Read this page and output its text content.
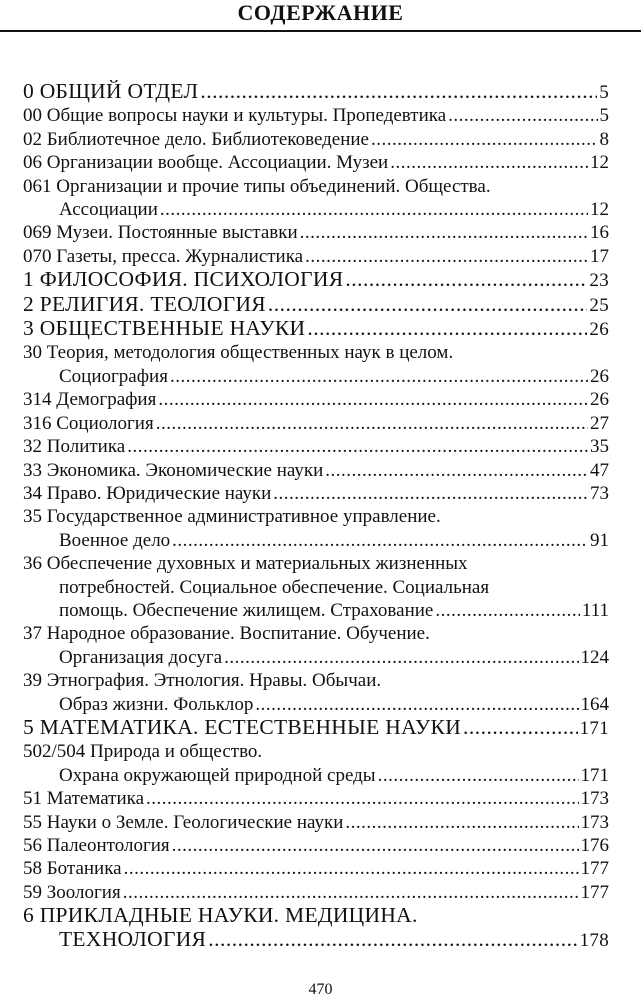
СОДЕРЖАНИЕ
0 ОБЩИЙ ОТДЕЛ .....	5
00 Общие вопросы науки и культуры. Пропедевтика .....	5
02 Библиотечное дело. Библиотековедение .....	8
06 Организации вообще. Ассоциации. Музеи .....	12
061 Организации и прочие типы объединений. Общества.
Ассоциации .....	12
069 Музеи. Постоянные выставки .....	16
070 Газеты, пресса. Журналистика .....	17
1 ФИЛОСОФИЯ. ПСИХОЛОГИЯ .....	23
2 РЕЛИГИЯ. ТЕОЛОГИЯ .....	25
3 ОБЩЕСТВЕННЫЕ НАУКИ .....	26
30 Теория, методология общественных наук в целом.
Социография .....	26
314 Демография .....	26
316 Социология .....	27
32 Политика .....	35
33 Экономика. Экономические науки .....	47
34 Право. Юридические науки .....	73
35 Государственное административное управление.
Военное дело .....	91
36 Обеспечение духовных и материальных жизненных
потребностей. Социальное обеспечение. Социальная
помощь. Обеспечение жилищем. Страхование .....	111
37 Народное образование. Воспитание. Обучение.
Организация досуга .....	124
39 Этнография. Этнология. Нравы. Обычаи.
Образ жизни. Фольклор .....	164
5 МАТЕМАТИКА. ЕСТЕСТВЕННЫЕ НАУКИ .....	171
502/504 Природа и общество.
Охрана окружающей природной среды .....	171
51 Математика .....	173
55 Науки о Земле. Геологические науки .....	173
56 Палеонтология .....	176
58 Ботаника .....	177
59 Зоология .....	177
6 ПРИКЛАДНЫЕ НАУКИ. МЕДИЦИНА.
ТЕХНОЛОГИЯ .....	178
470
